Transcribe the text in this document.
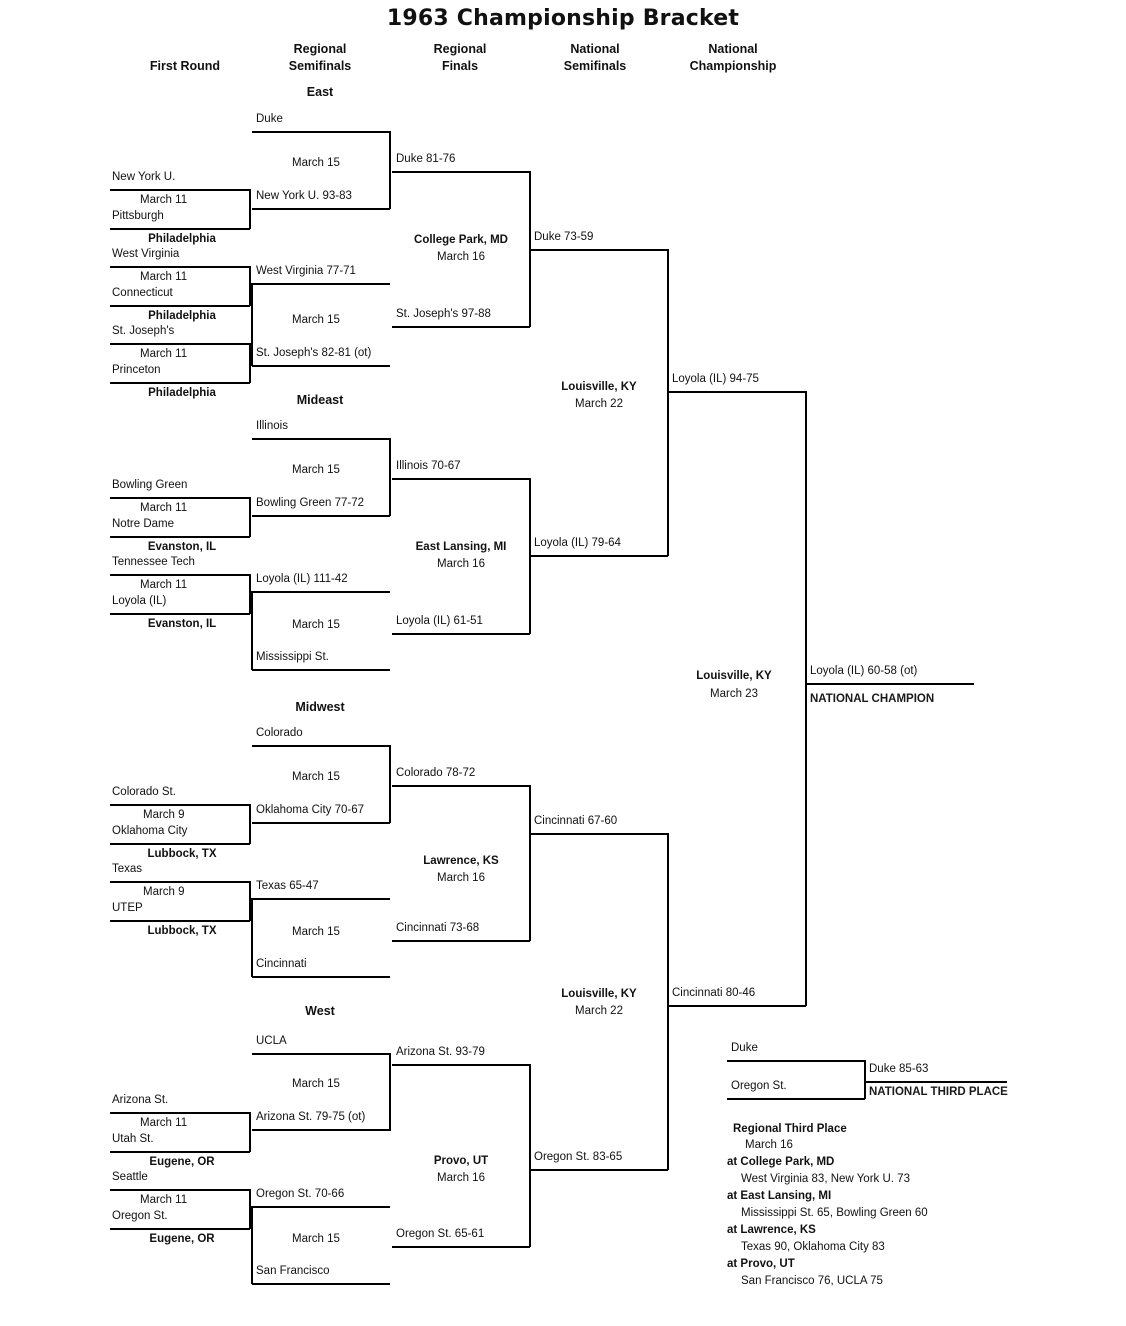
1963 Championship Bracket
First Round
Regional
Semifinals
Regional
Finals
National
Semifinals
National
Championship
East
Duke
New York U.
March 11
Pittsburgh
Philadelphia
March 15
New York U. 93-83
West Virginia
March 11
Connecticut
Philadelphia
St. Joseph's
March 11
Princeton
Philadelphia
West Virginia 77-71
March 15
St. Joseph's 82-81 (ot)
Duke 81-76
College Park, MD
March 16
St. Joseph's 97-88
Duke 73-59
Mideast
Illinois
Bowling Green
March 11
Notre Dame
Evanston, IL
March 15
Bowling Green 77-72
Tennessee Tech
March 11
Loyola (IL)
Evanston, IL
Loyola (IL) 111-42
March 15
Mississippi St.
Illinois 70-67
East Lansing, MI
March 16
Loyola (IL) 61-51
Loyola (IL) 79-64
Louisville, KY
March 22
Loyola (IL) 94-75
Midwest
Colorado
Colorado St.
March 9
Oklahoma City
Lubbock, TX
March 15
Oklahoma City 70-67
Texas
March 9
UTEP
Lubbock, TX
Texas 65-47
March 15
Cincinnati
Colorado 78-72
Lawrence, KS
March 16
Cincinnati 73-68
Cincinnati 67-60
West
UCLA
Arizona St.
March 11
Utah St.
Eugene, OR
March 15
Arizona St. 79-75 (ot)
Seattle
March 11
Oregon St.
Eugene, OR
Oregon St. 70-66
March 15
San Francisco
Arizona St. 93-79
Provo, UT
March 16
Oregon St. 65-61
Oregon St. 83-65
Louisville, KY
March 22
Cincinnati 80-46
Louisville, KY
March 23
Loyola (IL) 60-58 (ot)
NATIONAL CHAMPION
Duke
Oregon St.
Duke 85-63
NATIONAL THIRD PLACE
Regional Third Place
March 16
at College Park, MD
West Virginia 83, New York U. 73
at East Lansing, MI
Mississippi St. 65, Bowling Green 60
at Lawrence, KS
Texas 90, Oklahoma City 83
at Provo, UT
San Francisco 76, UCLA 75
